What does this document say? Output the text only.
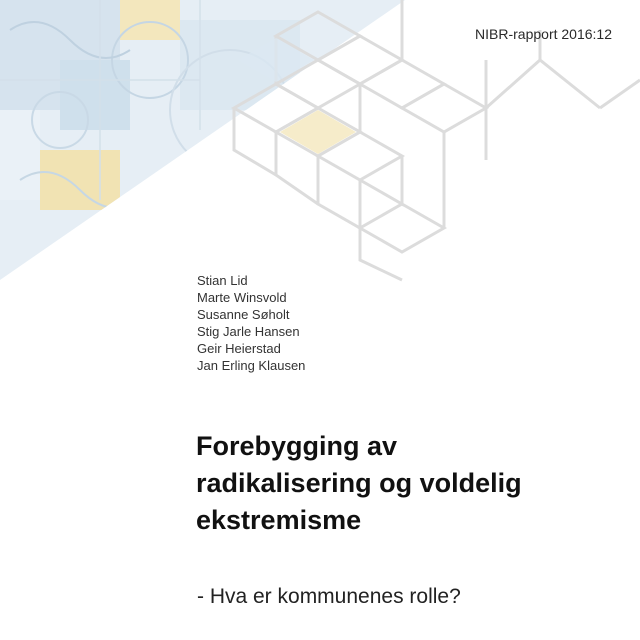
NIBR-rapport 2016:12
Stian Lid
Marte Winsvold
Susanne Søholt
Stig Jarle Hansen
Geir Heierstad
Jan Erling Klausen
Forebygging av
radikalisering og voldelig
ekstremisme

- Hva er kommunenes rolle?
